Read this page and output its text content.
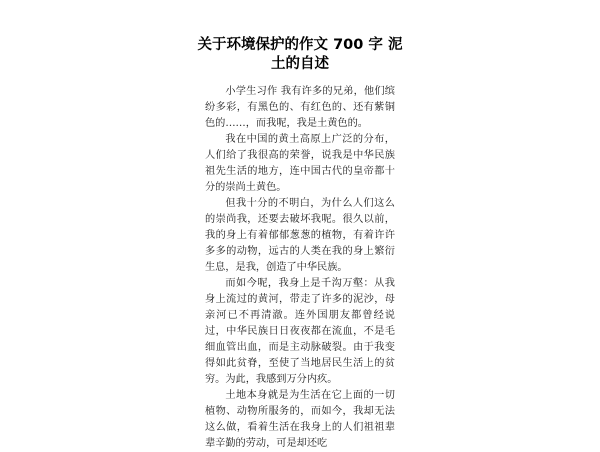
关于环境保护的作文 700 字 泥土的自述

小学生习作 我有许多的兄弟，他们缤纷多彩，有黑色的、有红色的、还有紫铜色的……，而我呢，我是土黄色的。

我在中国的黄土高原上广泛的分布，人们给了我很高的荣誉，说我是中华民族祖先生活的地方，连中国古代的皇帝都十分的崇尚土黄色。

但我十分的不明白，为什么人们这么的崇尚我，还要去破坏我呢。很久以前，我的身上有着郁郁葱葱的植物，有着许许多多的动物，远古的人类在我的身上繁衍生息，是我，创造了中华民族。

而如今呢，我身上是千沟万壑：从我身上流过的黄河，带走了许多的泥沙，母亲河已不再清澈。连外国朋友都曾经说过，中华民族日日夜夜都在流血，不是毛细血管出血，而是主动脉破裂。由于我变得如此贫脊，至使了当地居民生活上的贫穷。为此，我感到万分内疚。

土地本身就是为生活在它上面的一切植物、动物所服务的，而如今，我却无法这么做，看着生活在我身上的人们祖祖辈辈辛勤的劳动，可是却还吃
